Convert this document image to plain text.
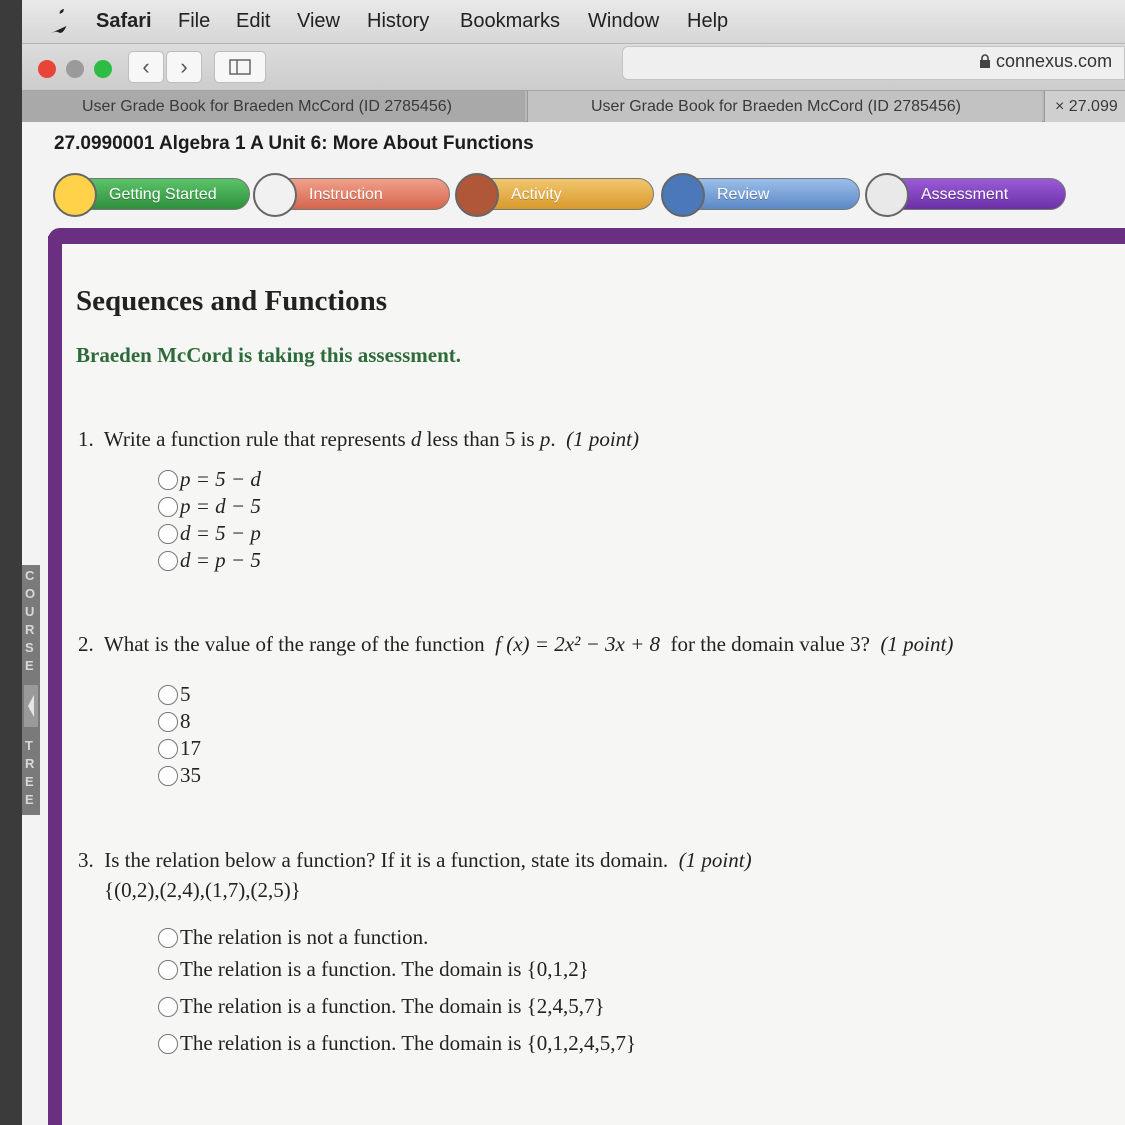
Safari File Edit View History Bookmarks Window Help
‹	›	connexus.com
User Grade Book for Braeden McCord (ID 2785456)	User Grade Book for Braeden McCord (ID 2785456)	× 27.099
27.0990001 Algebra 1 A Unit 6: More About Functions
Getting Started	Instruction	Activity	Review	Assessment
C
O
U
R
S
E
T
R
E
E
Sequences and Functions
Braeden McCord is taking this assessment.
1. Write a function rule that represents d less than 5 is p. (1 point)
p = 5 − d
p = d − 5
d = 5 − p
d = p − 5
2. What is the value of the range of the function f (x) = 2x² − 3x + 8 for the domain value 3? (1 point)
5
8
17
35
3. Is the relation below a function? If it is a function, state its domain. (1 point)
{(0,2),(2,4),(1,7),(2,5)}
The relation is not a function.
The relation is a function. The domain is {0,1,2}
The relation is a function. The domain is {2,4,5,7}
The relation is a function. The domain is {0,1,2,4,5,7}
